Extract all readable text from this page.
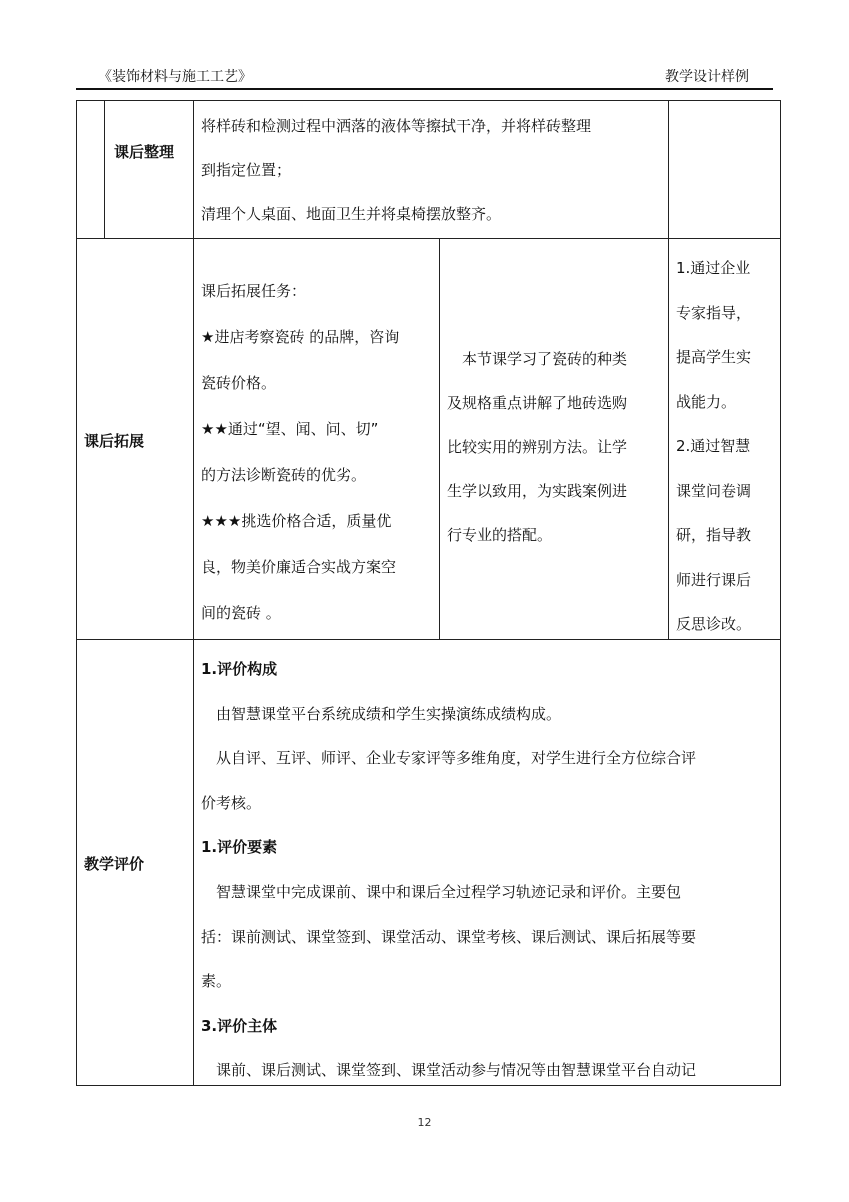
《装饰材料与施工工艺》	教学设计样例
课后整理

将样砖和检测过程中洒落的液体等擦拭干净，并将样砖整理

到指定位置；

清理个人桌面、地面卫生并将桌椅摆放整齐。

课后拓展

课后拓展任务：

★进店考察瓷砖 的品牌，咨询

瓷砖价格。

★★通过“望、闻、问、切”

的方法诊断瓷砖的优劣。

★★★挑选价格合适，质量优

良，物美价廉适合实战方案空

间的瓷砖 。

本节课学习了瓷砖的种类

及规格重点讲解了地砖选购

比较实用的辨别方法。让学

生学以致用，为实践案例进

行专业的搭配。

1.通过企业

专家指导，

提高学生实

战能力。

2.通过智慧

课堂问卷调

研，指导教

师进行课后

反思诊改。

教学评价

1.评价构成

由智慧课堂平台系统成绩和学生实操演练成绩构成。

从自评、互评、师评、企业专家评等多维角度，对学生进行全方位综合评

价考核。

1.评价要素

智慧课堂中完成课前、课中和课后全过程学习轨迹记录和评价。主要包

括：课前测试、课堂签到、课堂活动、课堂考核、课后测试、课后拓展等要

素。

3.评价主体

课前、课后测试、课堂签到、课堂活动参与情况等由智慧课堂平台自动记

12
